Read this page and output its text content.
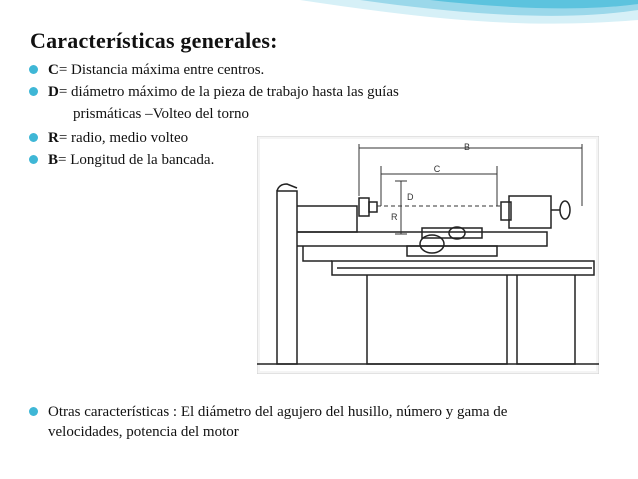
Características generales:
C= Distancia máxima entre centros.
D= diámetro máximo de la pieza de trabajo hasta las guías
prismáticas –Volteo del torno
R= radio, medio volteo
B= Longitud de la bancada.
B
C
D
R
Otras características : El diámetro del agujero del husillo, número y gama de
velocidades, potencia del motor
